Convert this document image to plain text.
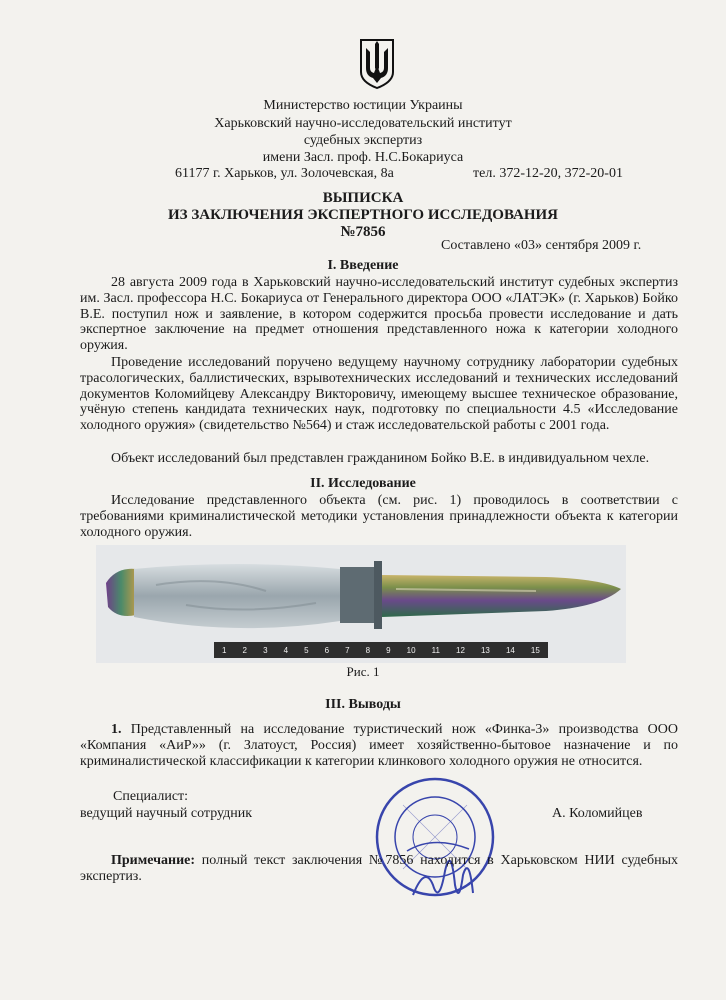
Министерство юстиции Украины
Харьковский научно-исследовательский институт
судебных экспертиз
имени Засл. проф. Н.С.Бокариуса
61177 г. Харьков, ул. Золочевская, 8а	тел. 372-12-20, 372-20-01
ВЫПИСКА
ИЗ ЗАКЛЮЧЕНИЯ ЭКСПЕРТНОГО ИССЛЕДОВАНИЯ
№7856
Составлено «03» сентября 2009 г.
I. Введение

28 августа 2009 года в Харьковский научно-исследовательский институт судебных экспертиз им. Засл. профессора Н.С. Бокариуса от Генерального директора ООО «ЛАТЭК» (г. Харьков) Бойко В.Е. поступил нож и заявление, в котором содержится просьба провести исследование и дать экспертное заключение на предмет отношения представленного ножа к категории холодного оружия.

Проведение исследований поручено ведущему научному сотруднику лаборатории судебных трасологических, баллистических, взрывотехнических исследований и технических исследований документов Коломийцеву Александру Викторовичу, имеющему высшее техническое образование, учёную степень кандидата технических наук, подготовку по специальности 4.5 «Исследование холодного оружия» (свидетельство №564) и стаж исследовательской работы с 2001 года.

Объект исследований был представлен гражданином Бойко В.Е. в индивидуальном чехле.

II. Исследование

Исследование представленного объекта (см. рис. 1) проводилось в соответствии с требованиями криминалистической методики установления принадлежности объекта к категории холодного оружия.

1 2 3 4 5 6 7 8 9 10 11 12 13 14 15
Рис. 1
III. Выводы

1. Представленный на исследование туристический нож «Финка-3» производства ООО «Компания «АиР»» (г. Златоуст, Россия) имеет хозяйственно-бытовое назначение и по криминалистической классификации к категории клинкового холодного оружия не относится.

Специалист:
ведущий научный сотрудник	А. Коломийцев

Примечание: полный текст заключения №7856 находится в Харьковском НИИ судебных экспертиз.
